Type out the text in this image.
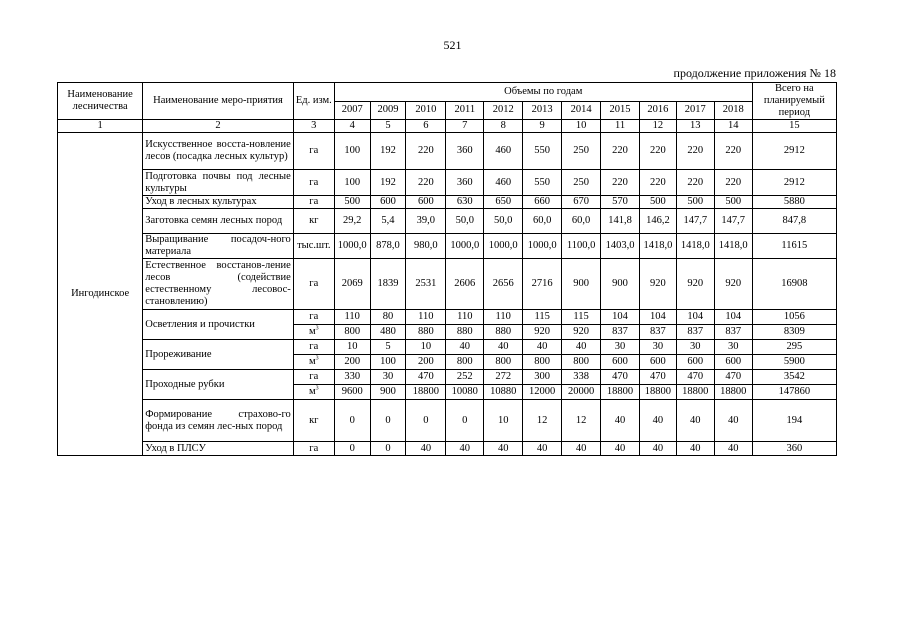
521
продолжение приложения № 18
Наименование лесничества	Наименование меро-приятия	Ед. изм.	Объемы по годам											Всего на планируемый период
			2007	2009	2010	2011	2012	2013	2014	2015	2016	2017	2018	
1	2	3	4	5	6	7	8	9	10	11	12	13	14	15
Ингодинское	Искусственное восста-новление лесов (посадка лесных культур)	га	100	192	220	360	460	550	250	220	220	220	220	2912
	Подготовка почвы под лесные культуры	га	100	192	220	360	460	550	250	220	220	220	220	2912
	Уход в лесных культурах	га	500	600	600	630	650	660	670	570	500	500	500	5880
	Заготовка семян лесных пород	кг	29,2	5,4	39,0	50,0	50,0	60,0	60,0	141,8	146,2	147,7	147,7	847,8
	Выращивание посадоч-ного материала	тыс.шт.	1000,0	878,0	980,0	1000,0	1000,0	1000,0	1100,0	1403,0	1418,0	1418,0	1418,0	11615
	Естественное восстанов-ление лесов (содействие естественному лесовос-становлению)	га	2069	1839	2531	2606	2656	2716	900	900	920	920	920	16908
	Осветления и прочистки	га	110	80	110	110	110	115	115	104	104	104	104	1056
		$м^3$	800	480	880	880	880	920	920	837	837	837	837	8309
	Прореживание	га	10	5	10	40	40	40	40	30	30	30	30	295
		$м^3$	200	100	200	800	800	800	800	600	600	600	600	5900
	Проходные рубки	га	330	30	470	252	272	300	338	470	470	470	470	3542
		$м^3$	9600	900	18800	10080	10880	12000	20000	18800	18800	18800	18800	147860
	Формирование страхово-го фонда из семян лес-ных пород	кг	0	0	0	0	10	12	12	40	40	40	40	194
	Уход в ПЛСУ	га	0	0	40	40	40	40	40	40	40	40	40	360
